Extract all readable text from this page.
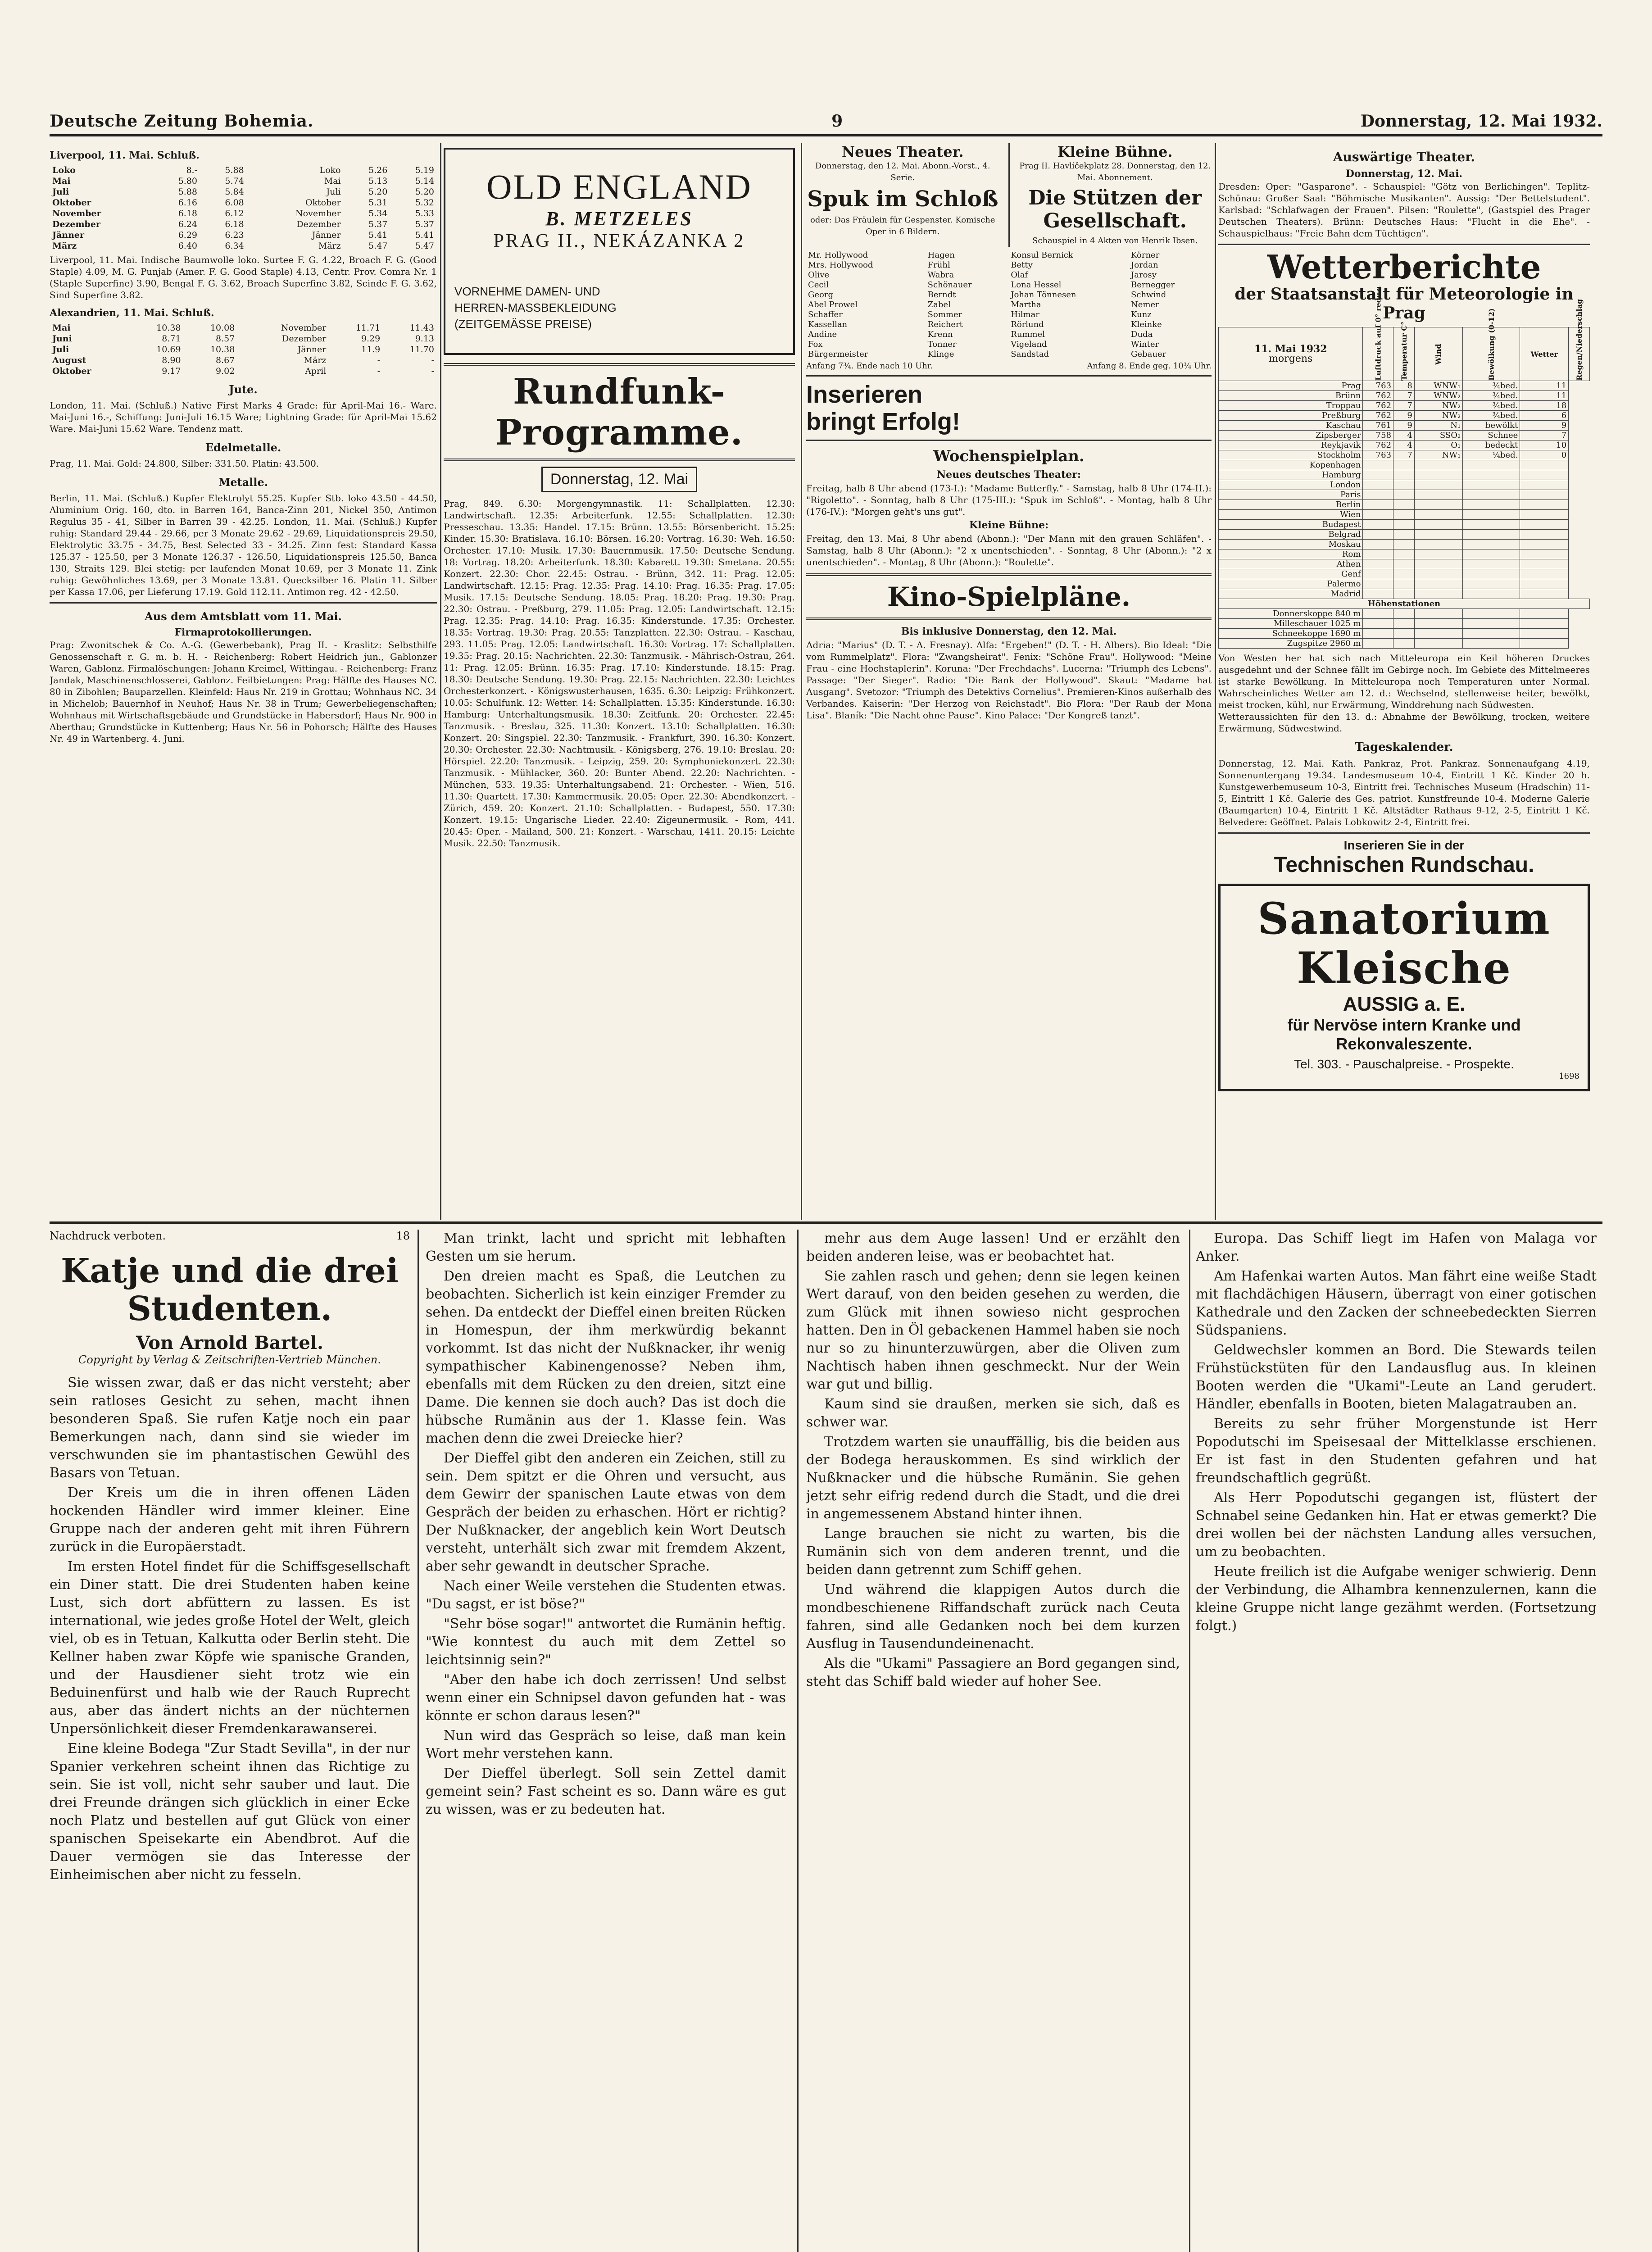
Deutsche Zeitung Bohemia.	9	Donnerstag, 12. Mai 1932.
Liverpool, 11. Mai. Schluß.
Loko	8.-	5.88	Loko	5.26	5.19
Mai	5.80	5.74	Mai	5.13	5.14
Juli	5.88	5.84	Juli	5.20	5.20
Oktober	6.16	6.08	Oktober	5.31	5.32
November	6.18	6.12	November	5.34	5.33
Dezember	6.24	6.18	Dezember	5.37	5.37
Jänner	6.29	6.23	Jänner	5.41	5.41
März	6.40	6.34	März	5.47	5.47

Liverpool, 11. Mai. Indische Baumwolle loko. Surtee F. G. 4.22, Broach F. G. (Good Staple) 4.09, M. G. Punjab (Amer. F. G. Good Staple) 4.13, Centr. Prov. Comra Nr. 1 (Staple Superfine) 3.90, Bengal F. G. 3.62, Broach Superfine 3.82, Scinde F. G. 3.62, Sind Superfine 3.82.

Alexandrien, 11. Mai. Schluß.
Mai	10.38	10.08	November	11.71	11.43
Juni	8.71	8.57	Dezember	9.29	9.13
Juli	10.69	10.38	Jänner	11.9	11.70
August	8.90	8.67	März	-	-
Oktober	9.17	9.02	April	-	-
Jute.

London, 11. Mai. (Schluß.) Native First Marks 4 Grade: für April-Mai 16.- Ware. Mai-Juni 16.-, Schiffung: Juni-Juli 16.15 Ware; Lightning Grade: für April-Mai 15.62 Ware. Mai-Juni 15.62 Ware. Tendenz matt.

Edelmetalle.

Prag, 11. Mai. Gold: 24.800, Silber: 331.50. Platin: 43.500.

Metalle.

Berlin, 11. Mai. (Schluß.) Kupfer Elektrolyt 55.25. Kupfer Stb. loko 43.50 - 44.50, Aluminium Orig. 160, dto. in Barren 164, Banca-Zinn 201, Nickel 350, Antimon Regulus 35 - 41, Silber in Barren 39 - 42.25. London, 11. Mai. (Schluß.) Kupfer ruhig: Standard 29.44 - 29.66, per 3 Monate 29.62 - 29.69, Liquidationspreis 29.50, Elektrolytic 33.75 - 34.75, Best Selected 33 - 34.25. Zinn fest: Standard Kassa 125.37 - 125.50, per 3 Monate 126.37 - 126.50, Liquidationspreis 125.50, Banca 130, Straits 129. Blei stetig: per laufenden Monat 10.69, per 3 Monate 11. Zink ruhig: Gewöhnliches 13.69, per 3 Monate 13.81. Quecksilber 16. Platin 11. Silber per Kassa 17.06, per Lieferung 17.19. Gold 112.11. Antimon reg. 42 - 42.50.

Aus dem Amtsblatt vom 11. Mai.
Firmaprotokollierungen.

Prag: Zwonitschek & Co. A.-G. (Gewerbebank), Prag II. - Kraslitz: Selbsthilfe Genossenschaft r. G. m. b. H. - Reichenberg: Robert Heidrich jun., Gablonzer Waren, Gablonz. Firmalöschungen: Johann Kreimel, Wittingau. - Reichenberg: Franz Jandak, Maschinenschlosserei, Gablonz. Feilbietungen: Prag: Hälfte des Hauses NC. 80 in Zibohlen; Bauparzellen. Kleinfeld: Haus Nr. 219 in Grottau; Wohnhaus NC. 34 in Michelob; Bauernhof in Neuhof; Haus Nr. 38 in Trum; Gewerbeliegenschaften; Wohnhaus mit Wirtschaftsgebäude und Grundstücke in Habersdorf; Haus Nr. 900 in Aberthau; Grundstücke in Kuttenberg; Haus Nr. 56 in Pohorsch; Hälfte des Hauses Nr. 49 in Wartenberg. 4. Juni.

OLD ENGLAND
B. METZELES
PRAG II., NEKÁZANKA 2
VORNEHME DAMEN- UND
HERREN-MASSBEKLEIDUNG
(ZEITGEMÄSSE PREISE)
Rundfunk-Programme.
Donnerstag, 12. Mai

Prag, 849. 6.30: Morgengymnastik. 11: Schallplatten. 12.30: Landwirtschaft. 12.35: Arbeiterfunk. 12.55: Schallplatten. 12.30: Presseschau. 13.35: Handel. 17.15: Brünn. 13.55: Börsenbericht. 15.25: Kinder. 15.30: Bratislava. 16.10: Börsen. 16.20: Vortrag. 16.30: Weh. 16.50: Orchester. 17.10: Musik. 17.30: Bauernmusik. 17.50: Deutsche Sendung. 18: Vortrag. 18.20: Arbeiterfunk. 18.30: Kabarett. 19.30: Smetana. 20.55: Konzert. 22.30: Chor. 22.45: Ostrau. - Brünn, 342. 11: Prag. 12.05: Landwirtschaft. 12.15: Prag. 12.35: Prag. 14.10: Prag. 16.35: Prag. 17.05: Musik. 17.15: Deutsche Sendung. 18.05: Prag. 18.20: Prag. 19.30: Prag. 22.30: Ostrau. - Preßburg, 279. 11.05: Prag. 12.05: Landwirtschaft. 12.15: Prag. 12.35: Prag. 14.10: Prag. 16.35: Kinderstunde. 17.35: Orchester. 18.35: Vortrag. 19.30: Prag. 20.55: Tanzplatten. 22.30: Ostrau. - Kaschau, 293. 11.05: Prag. 12.05: Landwirtschaft. 16.30: Vortrag. 17: Schallplatten. 19.35: Prag. 20.15: Nachrichten. 22.30: Tanzmusik. - Mährisch-Ostrau, 264. 11: Prag. 12.05: Brünn. 16.35: Prag. 17.10: Kinderstunde. 18.15: Prag. 18.30: Deutsche Sendung. 19.30: Prag. 22.15: Nachrichten. 22.30: Leichtes Orchesterkonzert. - Königswusterhausen, 1635. 6.30: Leipzig: Frühkonzert. 10.05: Schulfunk. 12: Wetter. 14: Schallplatten. 15.35: Kinderstunde. 16.30: Hamburg: Unterhaltungsmusik. 18.30: Zeitfunk. 20: Orchester. 22.45: Tanzmusik. - Breslau, 325. 11.30: Konzert. 13.10: Schallplatten. 16.30: Konzert. 20: Singspiel. 22.30: Tanzmusik. - Frankfurt, 390. 16.30: Konzert. 20.30: Orchester. 22.30: Nachtmusik. - Königsberg, 276. 19.10: Breslau. 20: Hörspiel. 22.20: Tanzmusik. - Leipzig, 259. 20: Symphoniekonzert. 22.30: Tanzmusik. - Mühlacker, 360. 20: Bunter Abend. 22.20: Nachrichten. - München, 533. 19.35: Unterhaltungsabend. 21: Orchester. - Wien, 516. 11.30: Quartett. 17.30: Kammermusik. 20.05: Oper. 22.30: Abendkonzert. - Zürich, 459. 20: Konzert. 21.10: Schallplatten. - Budapest, 550. 17.30: Konzert. 19.15: Ungarische Lieder. 22.40: Zigeunermusik. - Rom, 441. 20.45: Oper. - Mailand, 500. 21: Konzert. - Warschau, 1411. 20.15: Leichte Musik. 22.50: Tanzmusik.

Neues Theater.
Donnerstag, den 12. Mai. Abonn.-Vorst., 4. Serie.
Spuk im Schloß
oder: Das Fräulein für Gespenster. Komische Oper in 6 Bildern.
Kleine Bühne.
Prag II. Havlíčekplatz 28. Donnerstag, den 12. Mai. Abonnement.
Die Stützen der Gesellschaft.
Schauspiel in 4 Akten von Henrik Ibsen.
Mr. Hollywood	Hagen	Konsul Bernick	Körner
Mrs. Hollywood	Frühl	Betty	Jordan
Olive	Wabra	Olaf	Jarosy
Cecil	Schönauer	Lona Hessel	Bernegger
Georg	Berndt	Johan Tönnesen	Schwind
Abel Prowel	Zabel	Martha	Nemer
Schaffer	Sommer	Hilmar	Kunz
Kassellan	Reichert	Rörlund	Kleinke
Andine	Krenn	Rummel	Duda
Fox	Tonner	Vigeland	Winter
Bürgermeister	Klinge	Sandstad	Gebauer
Anfang 7¾. Ende nach 10 Uhr.	Anfang 8. Ende geg. 10¾ Uhr.
Inserieren
bringt Erfolg!
Wochenspielplan.
Neues deutsches Theater:

Freitag, halb 8 Uhr abend (173-I.): "Madame Butterfly." - Samstag, halb 8 Uhr (174-II.): "Rigoletto". - Sonntag, halb 8 Uhr (175-III.): "Spuk im Schloß". - Montag, halb 8 Uhr (176-IV.): "Morgen geht's uns gut".

Kleine Bühne:

Freitag, den 13. Mai, 8 Uhr abend (Abonn.): "Der Mann mit den grauen Schläfen". - Samstag, halb 8 Uhr (Abonn.): "2 x unentschieden". - Sonntag, 8 Uhr (Abonn.): "2 x unentschieden". - Montag, 8 Uhr (Abonn.): "Roulette".

Kino-Spielpläne.
Bis inklusive Donnerstag, den 12. Mai.

Adria: "Marius" (D. T. - A. Fresnay). Alfa: "Ergeben!" (D. T. - H. Albers). Bio Ideal: "Die vom Rummelplatz". Flora: "Zwangsheirat". Fenix: "Schöne Frau". Hollywood: "Meine Frau - eine Hochstaplerin". Koruna: "Der Frechdachs". Lucerna: "Triumph des Lebens". Passage: "Der Sieger". Radio: "Die Bank der Hollywood". Skaut: "Madame hat Ausgang". Svetozor: "Triumph des Detektivs Cornelius". Premieren-Kinos außerhalb des Verbandes. Kaiserin: "Der Herzog von Reichstadt". Bio Flora: "Der Raub der Mona Lisa". Blaník: "Die Nacht ohne Pause". Kino Palace: "Der Kongreß tanzt".

Auswärtige Theater.
Donnerstag, 12. Mai.

Dresden: Oper: "Gasparone". - Schauspiel: "Götz von Berlichingen". Teplitz-Schönau: Großer Saal: "Böhmische Musikanten". Aussig: "Der Bettelstudent". Karlsbad: "Schlafwagen der Frauen". Pilsen: "Roulette", (Gastspiel des Prager Deutschen Theaters). Brünn: Deutsches Haus: "Flucht in die Ehe". - Schauspielhaus: "Freie Bahn dem Tüchtigen".

Wetterberichte
der Staatsanstalt für Meteorologie in Prag
11. Mai 1932
morgens	Luftdruck auf 0° reduz.	Temperatur C°	Wind	Bewölkung (0-12)	Wetter	Regen/Niederschlag
Prag	763	8	WNW₁	¾bed.	11	
Brünn	762	7	WNW₂	¾bed.	11	
Troppau	762	7	NW₂	¾bed.	18	
Preßburg	762	9	NW₂	¾bed.	6	
Kaschau	761	9	N₁	bewölkt	9	
Zipsberger	758	4	SSO₂	Schnee	7	
Reykjavik	762	4	O₁	bedeckt	10	
Stockholm	763	7	NW₁	¼bed.	0	
Kopenhagen						
Hamburg						
London						
Paris						
Berlin						
Wien						
Budapest						
Belgrad						
Moskau						
Rom						
Athen						
Genf						
Palermo						
Madrid						
Höhenstationen						
Donnerskoppe 840 m						
Milleschauer 1025 m						
Schneekoppe 1690 m						
Zugspitze 2960 m						

Von Westen her hat sich nach Mitteleuropa ein Keil höheren Druckes ausgedehnt und der Schnee fällt im Gebirge noch. Im Gebiete des Mittelmeeres ist starke Bewölkung. In Mitteleuropa noch Temperaturen unter Normal. Wahrscheinliches Wetter am 12. d.: Wechselnd, stellenweise heiter, bewölkt, meist trocken, kühl, nur Erwärmung, Winddrehung nach Südwesten.

Wetteraussichten für den 13. d.: Abnahme der Bewölkung, trocken, weitere Erwärmung, Südwestwind.

Tageskalender.

Donnerstag, 12. Mai. Kath. Pankraz, Prot. Pankraz. Sonnenaufgang 4.19, Sonnenuntergang 19.34. Landesmuseum 10-4, Eintritt 1 Kč. Kinder 20 h. Kunstgewerbemuseum 10-3, Eintritt frei. Technisches Museum (Hradschin) 11-5, Eintritt 1 Kč. Galerie des Ges. patriot. Kunstfreunde 10-4. Moderne Galerie (Baumgarten) 10-4, Eintritt 1 Kč. Altstädter Rathaus 9-12, 2-5, Eintritt 1 Kč. Belvedere: Geöffnet. Palais Lobkowitz 2-4, Eintritt frei.

Inserieren Sie in der
Technischen Rundschau.
Sanatorium Kleische
AUSSIG a. E.
für Nervöse intern Kranke und
Rekonvaleszente.
Tel. 303. - Pauschalpreise. - Prospekte.
1698
Nachdruck verboten.	18
Katje und die drei Studenten.
Von Arnold Bartel.
Copyright by Verlag & Zeitschriften-Vertrieb München.

Sie wissen zwar, daß er das nicht versteht; aber sein ratloses Gesicht zu sehen, macht ihnen besonderen Spaß. Sie rufen Katje noch ein paar Bemerkungen nach, dann sind sie wieder im verschwunden sie im phantastischen Gewühl des Basars von Tetuan.

Der Kreis um die in ihren offenen Läden hockenden Händler wird immer kleiner. Eine Gruppe nach der anderen geht mit ihren Führern zurück in die Europäerstadt.

Im ersten Hotel findet für die Schiffsgesellschaft ein Diner statt. Die drei Studenten haben keine Lust, sich dort abfüttern zu lassen. Es ist international, wie jedes große Hotel der Welt, gleich viel, ob es in Tetuan, Kalkutta oder Berlin steht. Die Kellner haben zwar Köpfe wie spanische Granden, und der Hausdiener sieht trotz wie ein Beduinenfürst und halb wie der Rauch Ruprecht aus, aber das ändert nichts an der nüchternen Unpersönlichkeit dieser Fremdenkarawanserei.

Eine kleine Bodega "Zur Stadt Sevilla", in der nur Spanier verkehren scheint ihnen das Richtige zu sein. Sie ist voll, nicht sehr sauber und laut. Die drei Freunde drängen sich glücklich in einer Ecke noch Platz und bestellen auf gut Glück von einer spanischen Speisekarte ein Abendbrot. Auf die Dauer vermögen sie das Interesse der Einheimischen aber nicht zu fesseln.

Man trinkt, lacht und spricht mit lebhaften Gesten um sie herum.

Den dreien macht es Spaß, die Leutchen zu beobachten. Sicherlich ist kein einziger Fremder zu sehen. Da entdeckt der Dieffel einen breiten Rücken in Homespun, der ihm merkwürdig bekannt vorkommt. Ist das nicht der Nußknacker, ihr wenig sympathischer Kabinengenosse? Neben ihm, ebenfalls mit dem Rücken zu den dreien, sitzt eine Dame. Die kennen sie doch auch? Das ist doch die hübsche Rumänin aus der 1. Klasse fein. Was machen denn die zwei Dreiecke hier?

Der Dieffel gibt den anderen ein Zeichen, still zu sein. Dem spitzt er die Ohren und versucht, aus dem Gewirr der spanischen Laute etwas von dem Gespräch der beiden zu erhaschen. Hört er richtig? Der Nußknacker, der angeblich kein Wort Deutsch versteht, unterhält sich zwar mit fremdem Akzent, aber sehr gewandt in deutscher Sprache.

Nach einer Weile verstehen die Studenten etwas. "Du sagst, er ist böse?"

"Sehr böse sogar!" antwortet die Rumänin heftig. "Wie konntest du auch mit dem Zettel so leichtsinnig sein?"

"Aber den habe ich doch zerrissen! Und selbst wenn einer ein Schnipsel davon gefunden hat - was könnte er schon daraus lesen?"

Nun wird das Gespräch so leise, daß man kein Wort mehr verstehen kann.

Der Dieffel überlegt. Soll sein Zettel damit gemeint sein? Fast scheint es so. Dann wäre es gut zu wissen, was er zu bedeuten hat.

mehr aus dem Auge lassen! Und er erzählt den beiden anderen leise, was er beobachtet hat.

Sie zahlen rasch und gehen; denn sie legen keinen Wert darauf, von den beiden gesehen zu werden, die zum Glück mit ihnen sowieso nicht gesprochen hatten. Den in Öl gebackenen Hammel haben sie noch nur so zu hinunterzuwürgen, aber die Oliven zum Nachtisch haben ihnen geschmeckt. Nur der Wein war gut und billig.

Kaum sind sie draußen, merken sie sich, daß es schwer war.

Trotzdem warten sie unauffällig, bis die beiden aus der Bodega herauskommen. Es sind wirklich der Nußknacker und die hübsche Rumänin. Sie gehen jetzt sehr eifrig redend durch die Stadt, und die drei in angemessenem Abstand hinter ihnen.

Lange brauchen sie nicht zu warten, bis die Rumänin sich von dem anderen trennt, und die beiden dann getrennt zum Schiff gehen.

Und während die klappigen Autos durch die mondbeschienene Riffandschaft zurück nach Ceuta fahren, sind alle Gedanken noch bei dem kurzen Ausflug in Tausendundeinenacht.

Als die "Ukami" Passagiere an Bord gegangen sind, steht das Schiff bald wieder auf hoher See.

Europa. Das Schiff liegt im Hafen von Malaga vor Anker.

Am Hafenkai warten Autos. Man fährt eine weiße Stadt mit flachdächigen Häusern, überragt von einer gotischen Kathedrale und den Zacken der schneebedeckten Sierren Südspaniens.

Geldwechsler kommen an Bord. Die Stewards teilen Frühstückstüten für den Landausflug aus. In kleinen Booten werden die "Ukami"-Leute an Land gerudert. Händler, ebenfalls in Booten, bieten Malagatrauben an.

Bereits zu sehr früher Morgenstunde ist Herr Popodutschi im Speisesaal der Mittelklasse erschienen. Er ist fast in den Studenten gefahren und hat freundschaftlich gegrüßt.

Als Herr Popodutschi gegangen ist, flüstert der Schnabel seine Gedanken hin. Hat er etwas gemerkt? Die drei wollen bei der nächsten Landung alles versuchen, um zu beobachten.

Heute freilich ist die Aufgabe weniger schwierig. Denn der Verbindung, die Alhambra kennenzulernen, kann die kleine Gruppe nicht lange gezähmt werden. (Fortsetzung folgt.)
